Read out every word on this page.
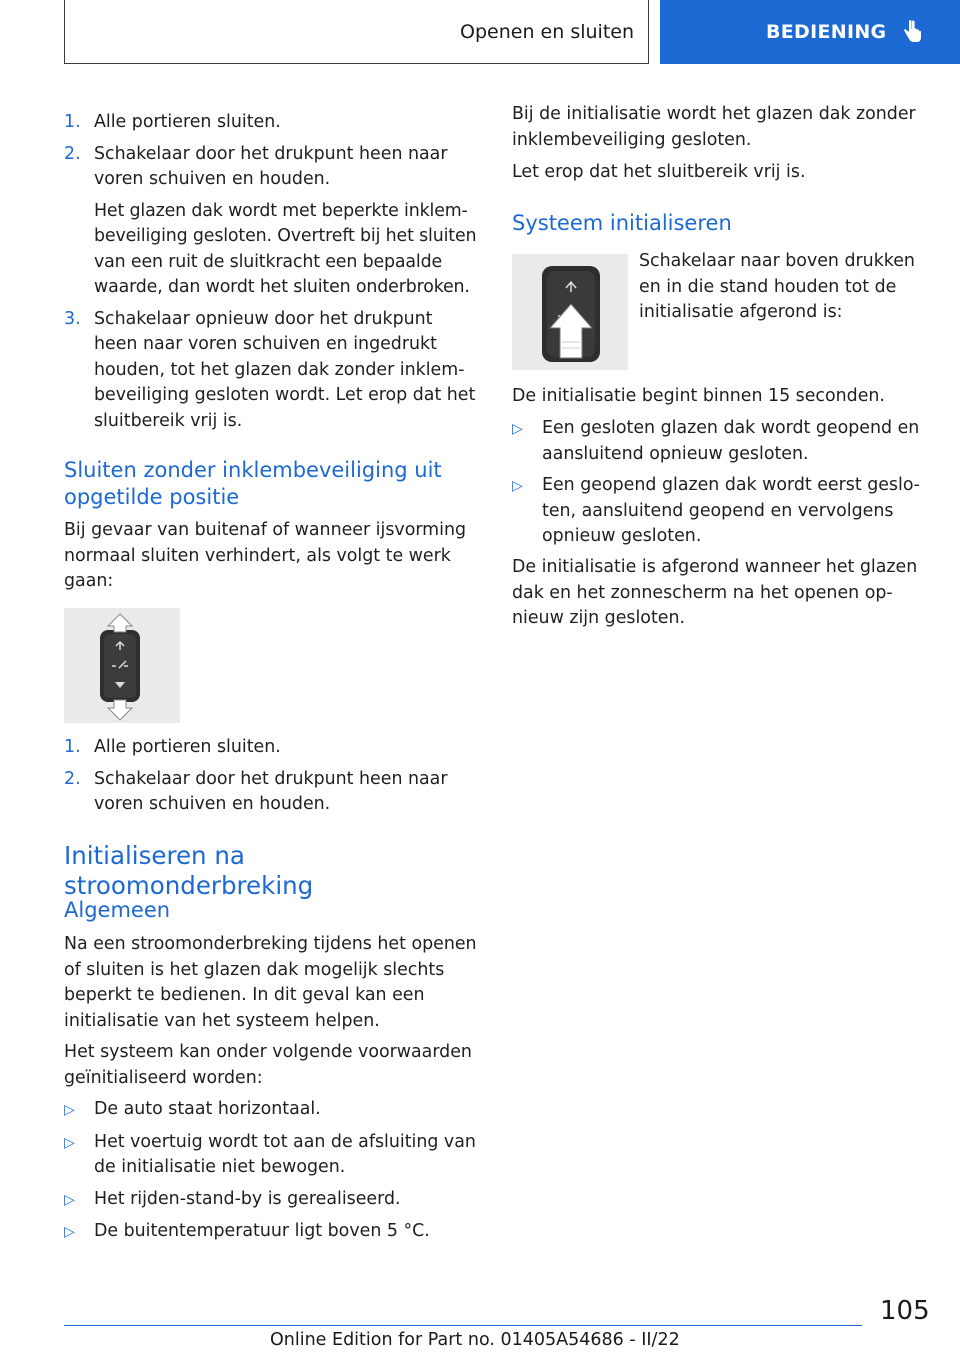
Openen en sluiten	BEDIENING
1. Alle portieren sluiten.
2. Schakelaar door het drukpunt heen naar voren schuiven en houden.
Het glazen dak wordt met beperkte inklembeveiliging gesloten. Overtreft bij het sluiten van een ruit de sluitkracht een bepaalde waarde, dan wordt het sluiten onderbroken.
3. Schakelaar opnieuw door het drukpunt heen naar voren schuiven en ingedrukt houden, tot het glazen dak zonder inklembeveiliging gesloten wordt. Let erop dat het sluitbereik vrij is.
Sluiten zonder inklembeveiliging uit opgetilde positie

Bij gevaar van buitenaf of wanneer ijsvorming normaal sluiten verhindert, als volgt te werk gaan:

1. Alle portieren sluiten.
2. Schakelaar door het drukpunt heen naar voren schuiven en houden.
Initialiseren na stroomonderbreking
Algemeen

Na een stroomonderbreking tijdens het openen of sluiten is het glazen dak mogelijk slechts beperkt te bedienen. In dit geval kan een initialisatie van het systeem helpen.

Het systeem kan onder volgende voorwaarden geïnitialiseerd worden:

▷	De auto staat horizontaal.
▷	Het voertuig wordt tot aan de afsluiting van de initialisatie niet bewogen.
▷	Het rijden-stand-by is gerealiseerd.
▷	De buitentemperatuur ligt boven 5 °C.

Bij de initialisatie wordt het glazen dak zonder inklembeveiliging gesloten.

Let erop dat het sluitbereik vrij is.

Systeem initialiseren

Schakelaar naar boven drukken en in die stand houden tot de initialisatie afgerond is:

De initialisatie begint binnen 15 seconden.

▷	Een gesloten glazen dak wordt geopend en aansluitend opnieuw gesloten.
▷	Een geopend glazen dak wordt eerst gesloten, aansluitend geopend en vervolgens opnieuw gesloten.

De initialisatie is afgerond wanneer het glazen dak en het zonnescherm na het openen opnieuw zijn gesloten.

105
Online Edition for Part no. 01405A54686 - II/22
